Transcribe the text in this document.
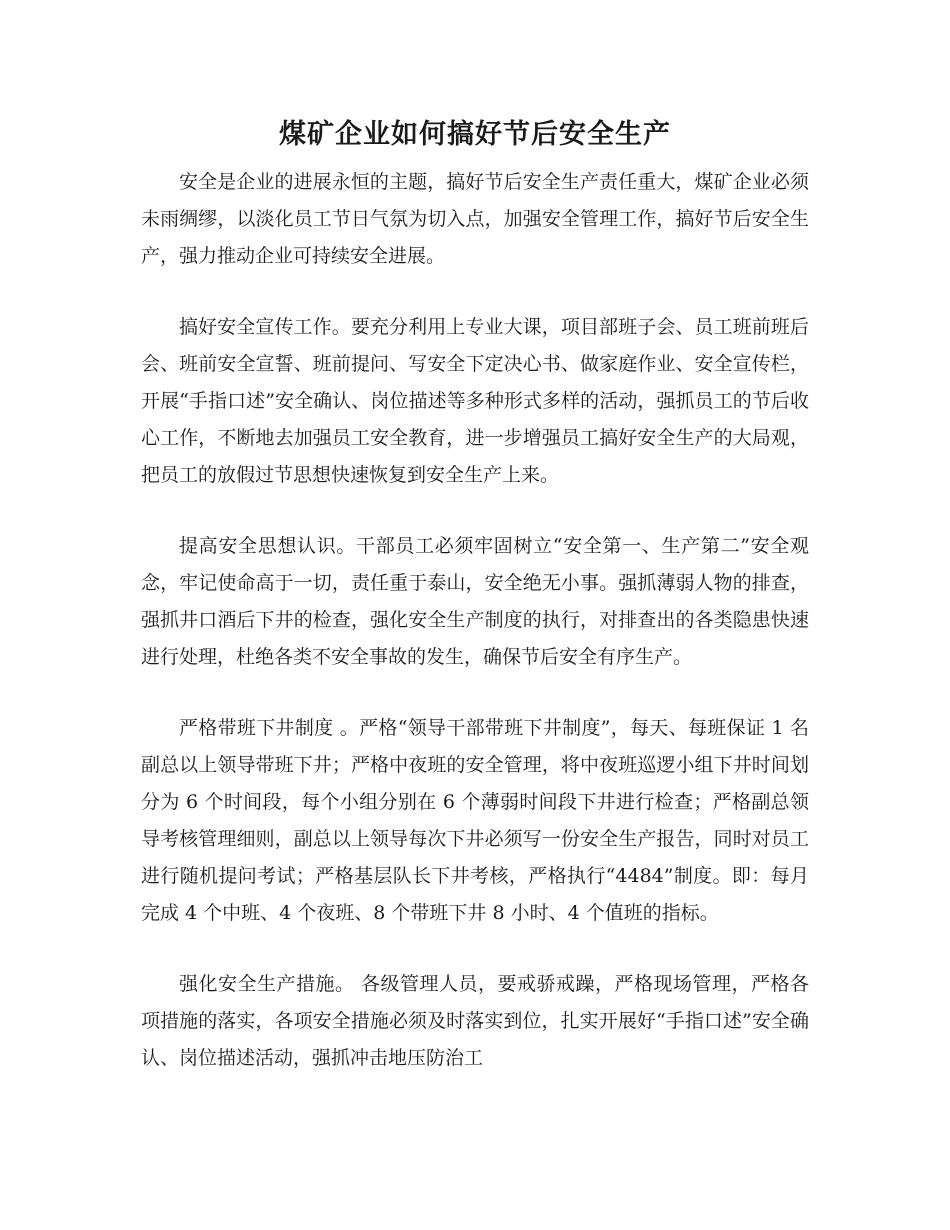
煤矿企业如何搞好节后安全生产

安全是企业的进展永恒的主题，搞好节后安全生产责任重大，煤矿企业必须未雨绸缪，以淡化员工节日气氛为切入点，加强安全管理工作，搞好节后安全生产，强力推动企业可持续安全进展。

搞好安全宣传工作。要充分利用上专业大课，项目部班子会、员工班前班后会、班前安全宣誓、班前提问、写安全下定决心书、做家庭作业、安全宣传栏，开展“手指口述”安全确认、岗位描述等多种形式多样的活动，强抓员工的节后收心工作，不断地去加强员工安全教育，进一步增强员工搞好安全生产的大局观，把员工的放假过节思想快速恢复到安全生产上来。

提高安全思想认识。干部员工必须牢固树立“安全第一、生产第二”安全观念，牢记使命高于一切，责任重于泰山，安全绝无小事。强抓薄弱人物的排查，强抓井口酒后下井的检查，强化安全生产制度的执行，对排查出的各类隐患快速进行处理，杜绝各类不安全事故的发生，确保节后安全有序生产。

严格带班下井制度 。严格“领导干部带班下井制度”，每天、每班保证 1 名副总以上领导带班下井；严格中夜班的安全管理，将中夜班巡逻小组下井时间划分为 6 个时间段，每个小组分别在 6 个薄弱时间段下井进行检查；严格副总领导考核管理细则，副总以上领导每次下井必须写一份安全生产报告，同时对员工进行随机提问考试；严格基层队长下井考核，严格执行“4484”制度。即：每月完成 4 个中班、4 个夜班、8 个带班下井 8 小时、4 个值班的指标。

强化安全生产措施。 各级管理人员，要戒骄戒躁，严格现场管理，严格各项措施的落实，各项安全措施必须及时落实到位，扎实开展好“手指口述”安全确认、岗位描述活动，强抓冲击地压防治工
